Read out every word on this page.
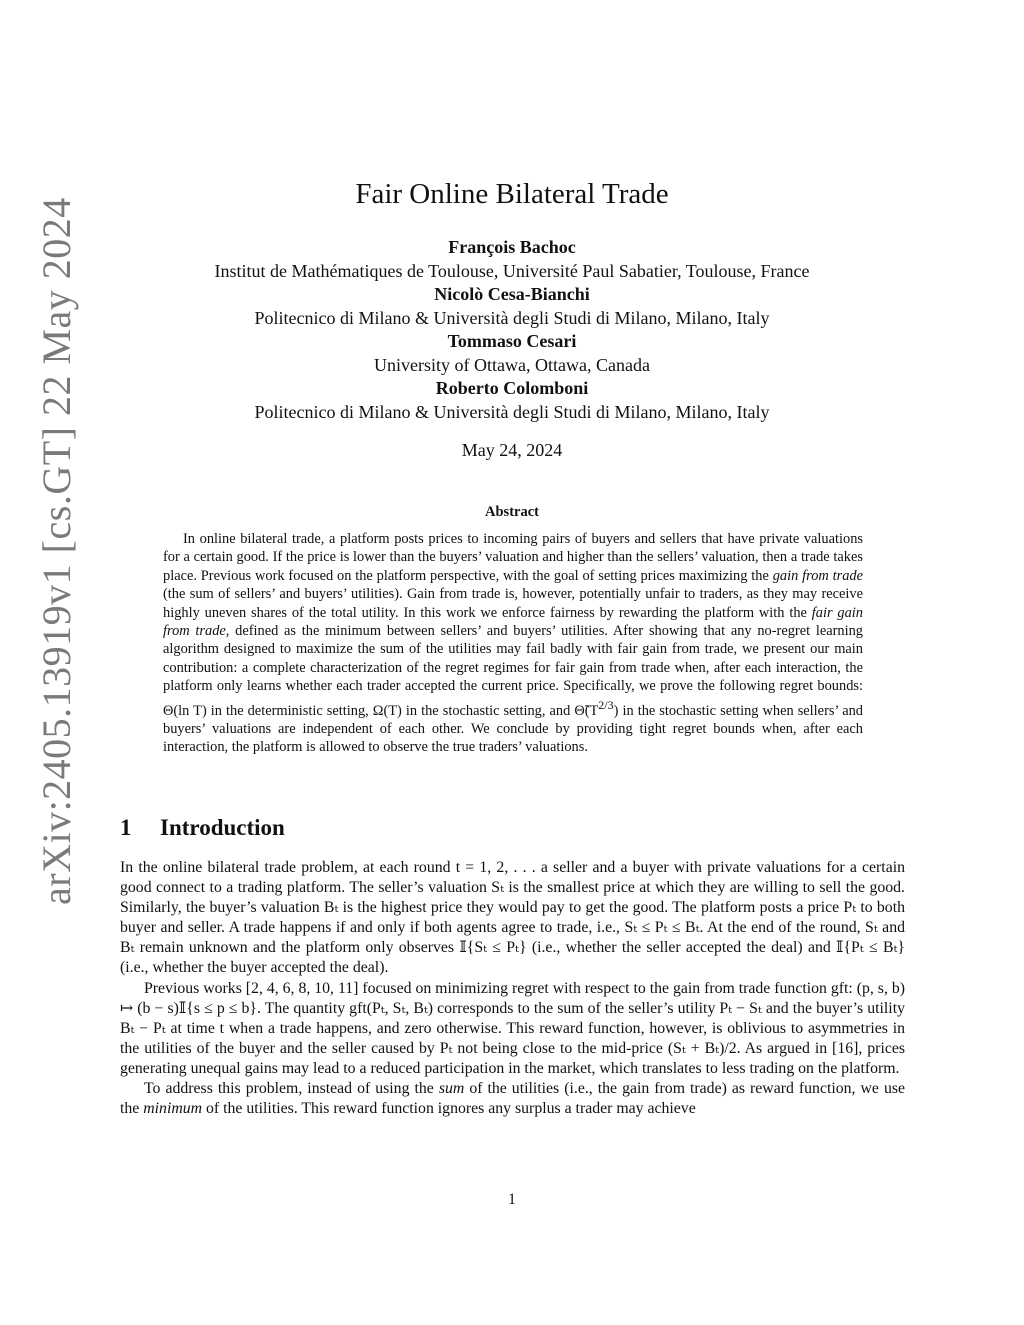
arXiv:2405.13919v1 [cs.GT] 22 May 2024
Fair Online Bilateral Trade
François Bachoc
Institut de Mathématiques de Toulouse, Université Paul Sabatier, Toulouse, France
Nicolò Cesa-Bianchi
Politecnico di Milano & Università degli Studi di Milano, Milano, Italy
Tommaso Cesari
University of Ottawa, Ottawa, Canada
Roberto Colomboni
Politecnico di Milano & Università degli Studi di Milano, Milano, Italy
May 24, 2024
Abstract
In online bilateral trade, a platform posts prices to incoming pairs of buyers and sellers that have private valuations for a certain good. If the price is lower than the buyers’ valuation and higher than the sellers’ valuation, then a trade takes place. Previous work focused on the platform perspective, with the goal of setting prices maximizing the gain from trade (the sum of sellers’ and buyers’ utilities). Gain from trade is, however, potentially unfair to traders, as they may receive highly uneven shares of the total utility. In this work we enforce fairness by rewarding the platform with the fair gain from trade, defined as the minimum between sellers’ and buyers’ utilities. After showing that any no-regret learning algorithm designed to maximize the sum of the utilities may fail badly with fair gain from trade, we present our main contribution: a complete characterization of the regret regimes for fair gain from trade when, after each interaction, the platform only learns whether each trader accepted the current price. Specifically, we prove the following regret bounds: Θ(ln T) in the deterministic setting, Ω(T) in the stochastic setting, and $\Thetã(T^{2/3})$ in the stochastic setting when sellers’ and buyers’ valuations are independent of each other. We conclude by providing tight regret bounds when, after each interaction, the platform is allowed to observe the true traders’ valuations.
1 Introduction

In the online bilateral trade problem, at each round t = 1, 2, . . . a seller and a buyer with private valuations for a certain good connect to a trading platform. The seller’s valuation Sₜ is the smallest price at which they are willing to sell the good. Similarly, the buyer’s valuation Bₜ is the highest price they would pay to get the good. The platform posts a price Pₜ to both buyer and seller. A trade happens if and only if both agents agree to trade, i.e., Sₜ ≤ Pₜ ≤ Bₜ. At the end of the round, Sₜ and Bₜ remain unknown and the platform only observes 𝕀{Sₜ ≤ Pₜ} (i.e., whether the seller accepted the deal) and 𝕀{Pₜ ≤ Bₜ} (i.e., whether the buyer accepted the deal).

Previous works [2, 4, 6, 8, 10, 11] focused on minimizing regret with respect to the gain from trade function gft: (p, s, b) ↦ (b − s)𝕀{s ≤ p ≤ b}. The quantity gft(Pₜ, Sₜ, Bₜ) corresponds to the sum of the seller’s utility Pₜ − Sₜ and the buyer’s utility Bₜ − Pₜ at time t when a trade happens, and zero otherwise. This reward function, however, is oblivious to asymmetries in the utilities of the buyer and the seller caused by Pₜ not being close to the mid-price (Sₜ + Bₜ)/2. As argued in [16], prices generating unequal gains may lead to a reduced participation in the market, which translates to less trading on the platform.

To address this problem, instead of using the sum of the utilities (i.e., the gain from trade) as reward function, we use the minimum of the utilities. This reward function ignores any surplus a trader may achieve

1
